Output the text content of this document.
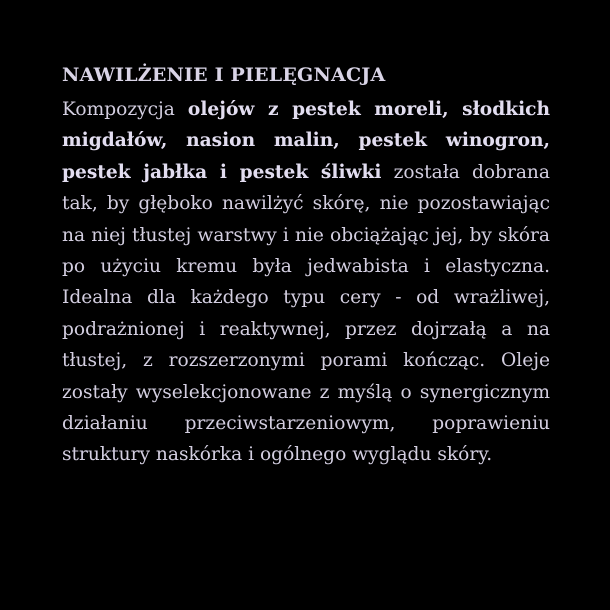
NAWILŻENIE I PIELĘGNACJA

Kompozycja olejów z pestek moreli, słodkich migdałów, nasion malin, pestek winogron, pestek jabłka i pestek śliwki została dobrana tak, by głęboko nawilżyć skórę, nie pozostawiając na niej tłustej warstwy i nie obciążając jej, by skóra po użyciu kremu była jedwabista i elastyczna. Idealna dla każdego typu cery - od wrażliwej, podrażnionej i reaktywnej, przez dojrzałą a na tłustej, z rozszerzonymi porami kończąc. Oleje zostały wyselekcjonowane z myślą o synergicznym działaniu przeciwstarzeniowym, poprawieniu struktury naskórka i ogólnego wyglądu skóry.
